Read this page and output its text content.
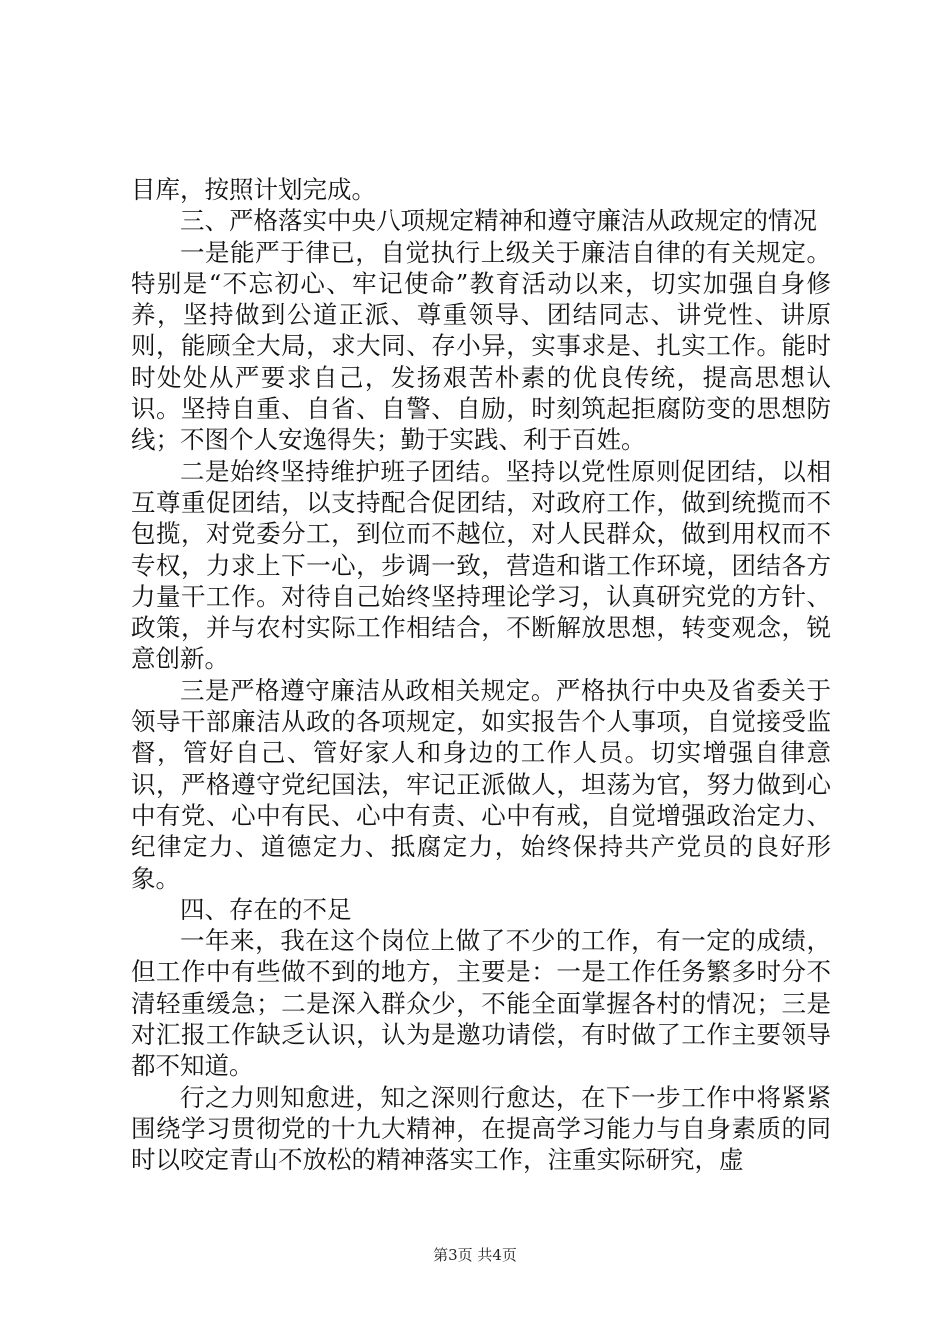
目库，按照计划完成。

三、严格落实中央八项规定精神和遵守廉洁从政规定的情况

一是能严于律已，自觉执行上级关于廉洁自律的有关规定。特别是“不忘初心、牢记使命”教育活动以来，切实加强自身修养，坚持做到公道正派、尊重领导、团结同志、讲党性、讲原则，能顾全大局，求大同、存小异，实事求是、扎实工作。能时时处处从严要求自己，发扬艰苦朴素的优良传统，提高思想认识。坚持自重、自省、自警、自励，时刻筑起拒腐防变的思想防线；不图个人安逸得失；勤于实践、利于百姓。

二是始终坚持维护班子团结。坚持以党性原则促团结，以相互尊重促团结，以支持配合促团结，对政府工作，做到统揽而不包揽，对党委分工，到位而不越位，对人民群众，做到用权而不专权，力求上下一心，步调一致，营造和谐工作环境，团结各方力量干工作。对待自己始终坚持理论学习，认真研究党的方针、政策，并与农村实际工作相结合，不断解放思想，转变观念，锐意创新。

三是严格遵守廉洁从政相关规定。严格执行中央及省委关于领导干部廉洁从政的各项规定，如实报告个人事项，自觉接受监督，管好自己、管好家人和身边的工作人员。切实增强自律意识，严格遵守党纪国法，牢记正派做人，坦荡为官，努力做到心中有党、心中有民、心中有责、心中有戒，自觉增强政治定力、纪律定力、道德定力、抵腐定力，始终保持共产党员的良好形象。

四、存在的不足

一年来，我在这个岗位上做了不少的工作，有一定的成绩，但工作中有些做不到的地方，主要是：一是工作任务繁多时分不清轻重缓急；二是深入群众少，不能全面掌握各村的情况；三是对汇报工作缺乏认识，认为是邀功请偿，有时做了工作主要领导都不知道。

行之力则知愈进，知之深则行愈达，在下一步工作中将紧紧围绕学习贯彻党的十九大精神，在提高学习能力与自身素质的同时以咬定青山不放松的精神落实工作，注重实际研究，虚

第3页 共4页
